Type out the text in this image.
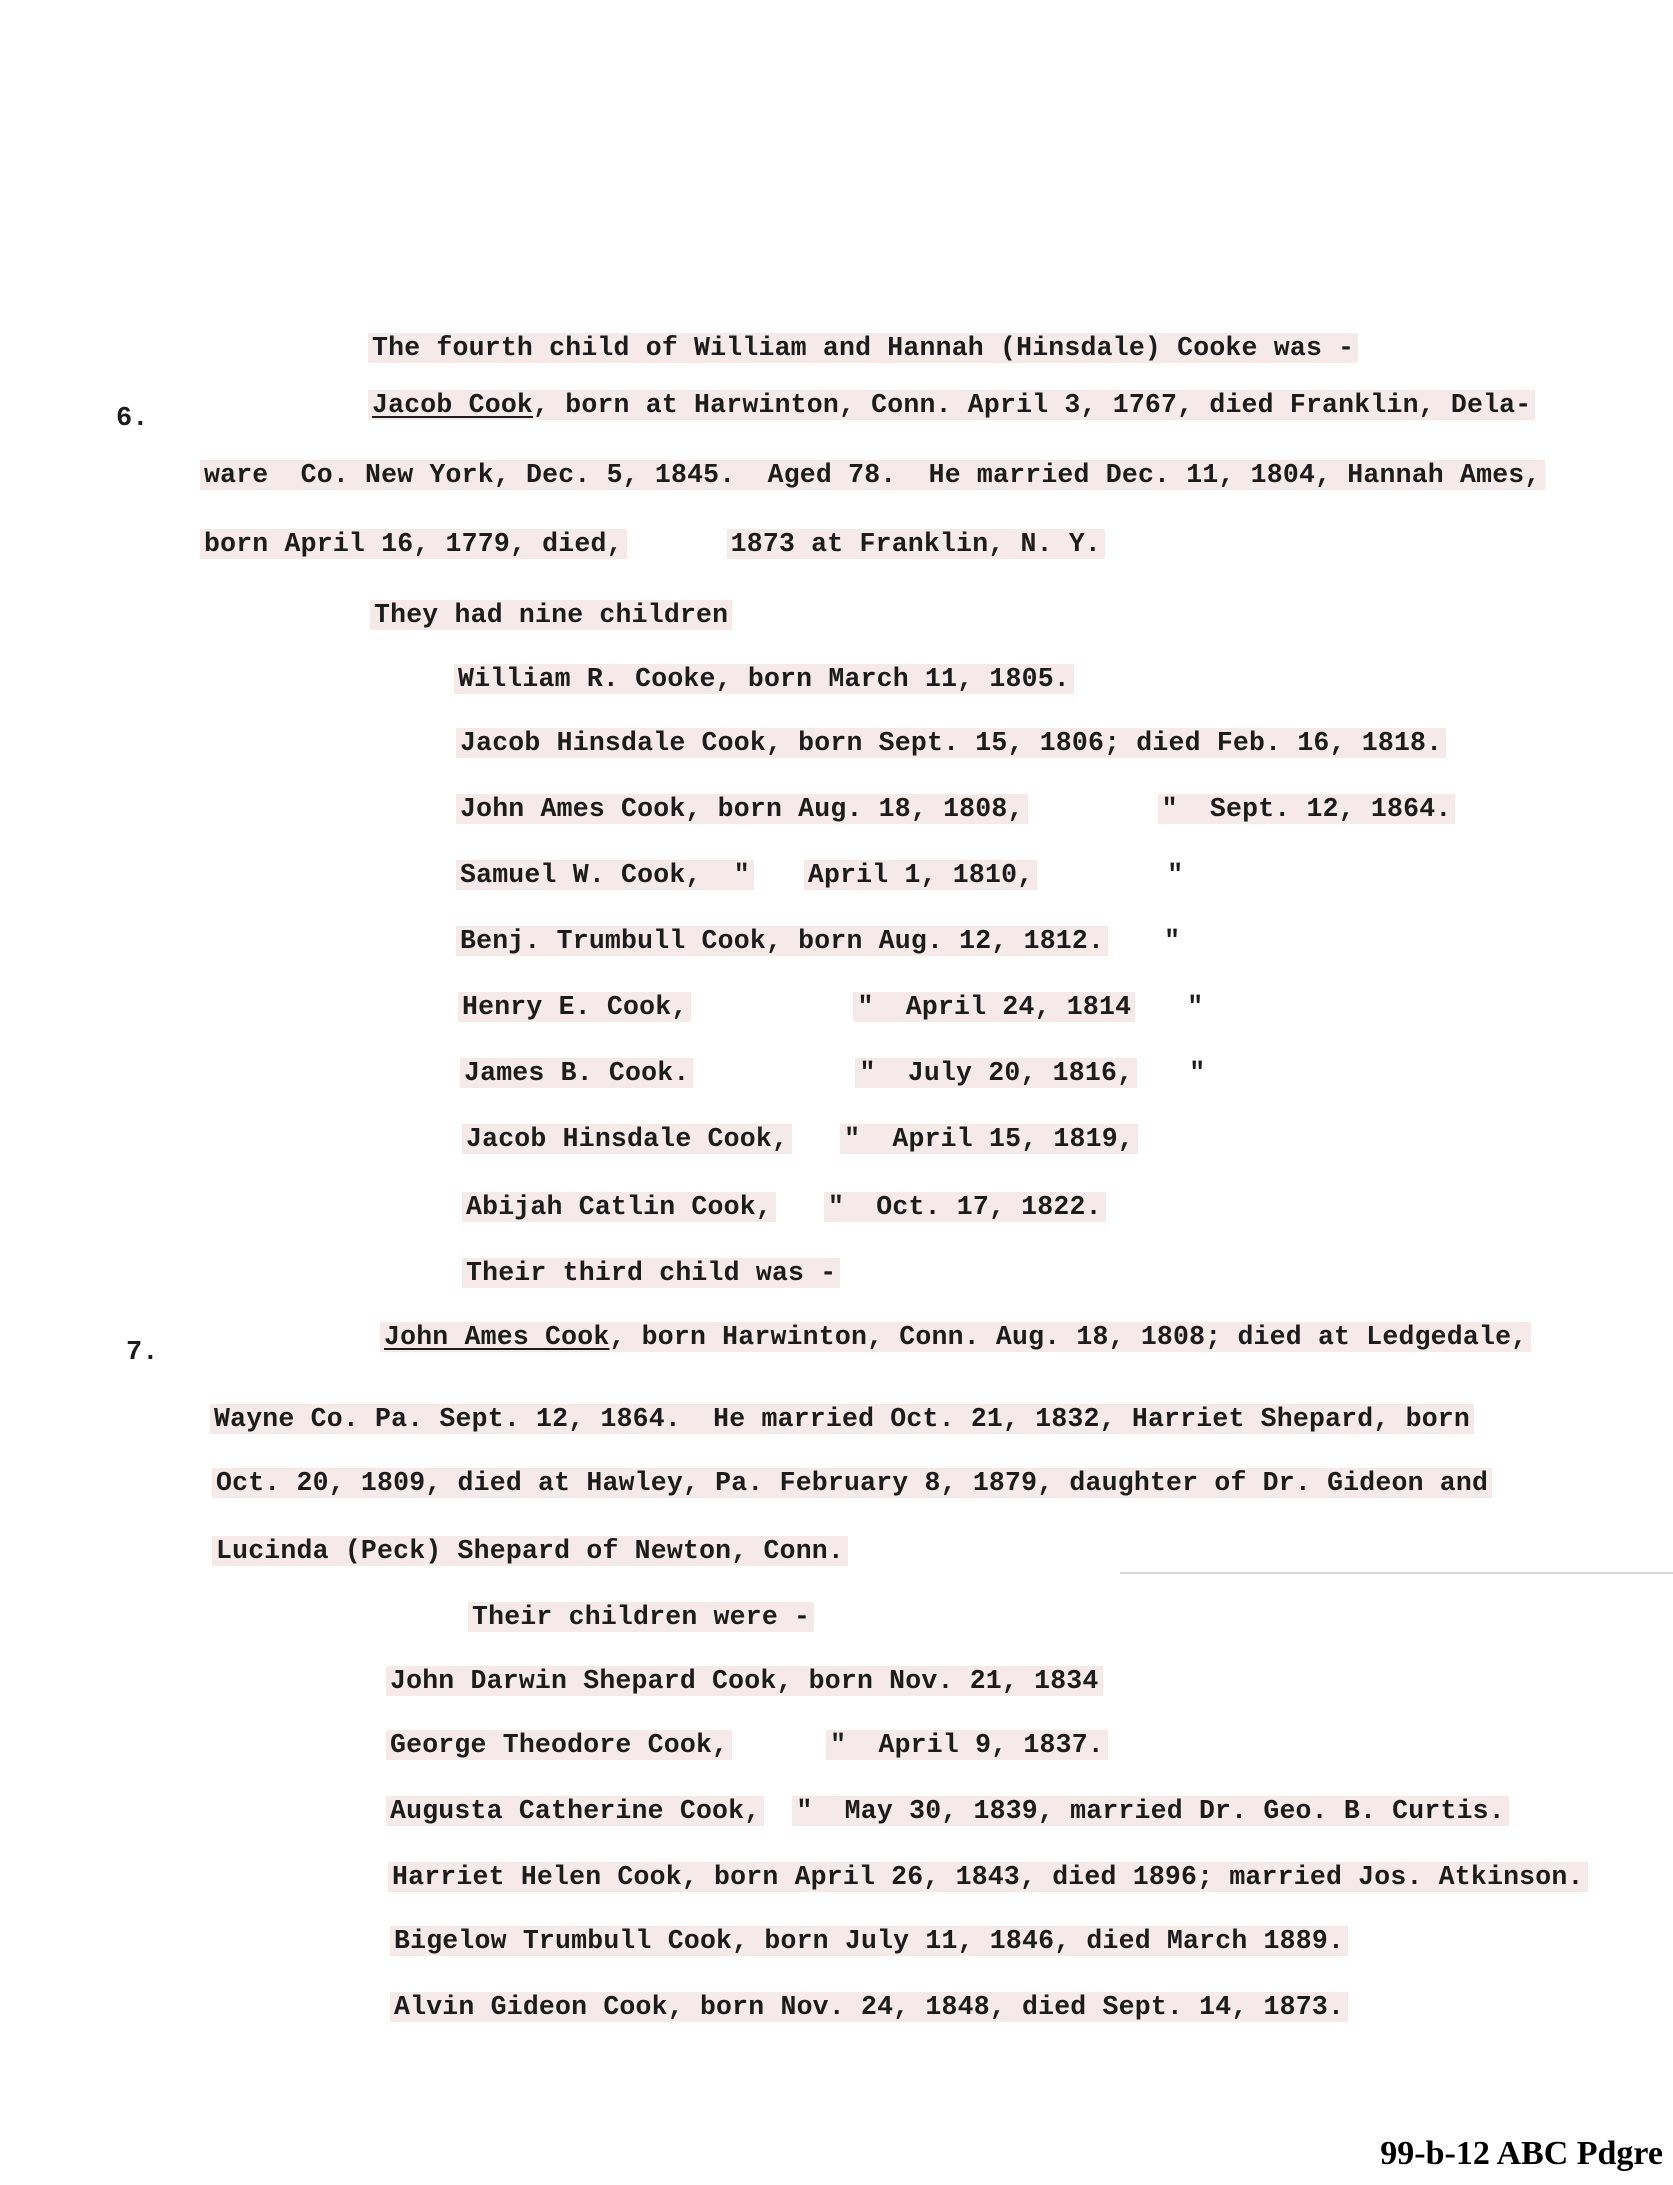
The fourth child of William and Hannah (Hinsdale) Cooke was -
6.	Jacob Cook, born at Harwinton, Conn. April 3, 1767, died Franklin, Dela-
ware  Co. New York, Dec. 5, 1845.  Aged 78.  He married Dec. 11, 1804, Hannah Ames,
born April 16, 1779, died,	1873 at Franklin, N. Y.
They had nine children
William R. Cooke, born March 11, 1805.
Jacob Hinsdale Cook, born Sept. 15, 1806; died Feb. 16, 1818.
John Ames Cook, born Aug. 18, 1808,	"  Sept. 12, 1864.
Samuel W. Cook,  " April 1, 1810,	"
Benj. Trumbull Cook, born Aug. 12, 1812. "
Henry E. Cook,	"  April 24, 1814 "
James B. Cook.	"  July 20, 1816, "
Jacob Hinsdale Cook, "  April 15, 1819,
Abijah Catlin Cook, "  Oct. 17, 1822.
Their third child was -
7.
John Ames Cook, born Harwinton, Conn. Aug. 18, 1808; died at Ledgedale,
Wayne Co. Pa. Sept. 12, 1864.  He married Oct. 21, 1832, Harriet Shepard, born
Oct. 20, 1809, died at Hawley, Pa. February 8, 1879, daughter of Dr. Gideon and
Lucinda (Peck) Shepard of Newton, Conn.
Their children were -
John Darwin Shepard Cook, born Nov. 21, 1834
George Theodore Cook,	"  April 9, 1837.
Augusta Catherine Cook, "  May 30, 1839, married Dr. Geo. B. Curtis.
Harriet Helen Cook, born April 26, 1843, died 1896; married Jos. Atkinson.
Bigelow Trumbull Cook, born July 11, 1846, died March 1889.
Alvin Gideon Cook, born Nov. 24, 1848, died Sept. 14, 1873.
99-b-12 ABC Pdgre
